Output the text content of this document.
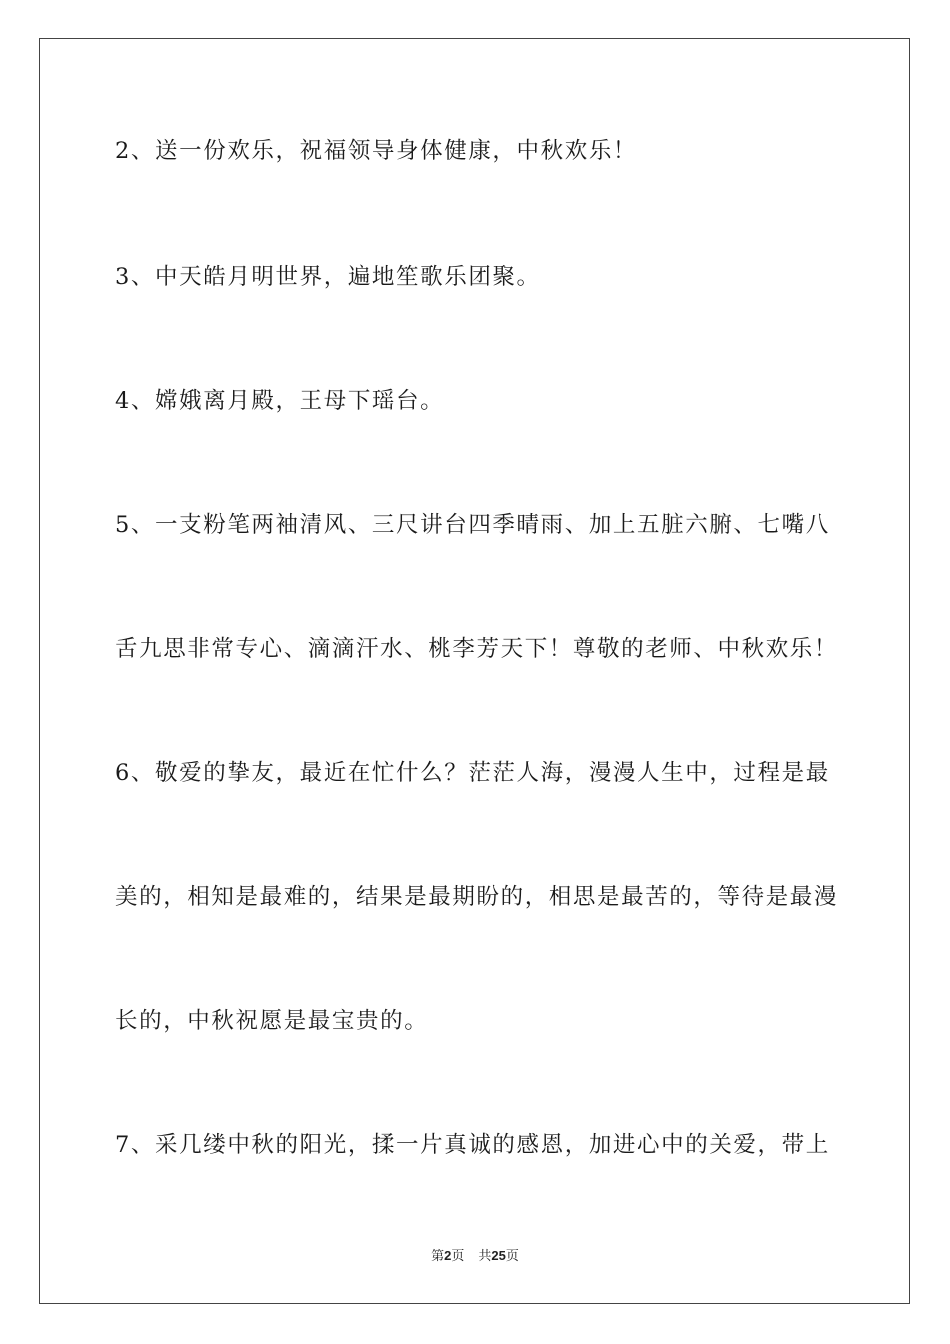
2、送一份欢乐，祝福领导身体健康，中秋欢乐！
3、中天皓月明世界，遍地笙歌乐团聚。
4、嫦娥离月殿，王母下瑶台。
5、一支粉笔两袖清风、三尺讲台四季晴雨、加上五脏六腑、七嘴八
舌九思非常专心、滴滴汗水、桃李芳天下！尊敬的老师、中秋欢乐！
6、敬爱的挚友，最近在忙什么？茫茫人海，漫漫人生中，过程是最
美的，相知是最难的，结果是最期盼的，相思是最苦的，等待是最漫
长的，中秋祝愿是最宝贵的。
7、采几缕中秋的阳光，揉一片真诚的感恩，加进心中的关爱，带上
第2页 共25页
